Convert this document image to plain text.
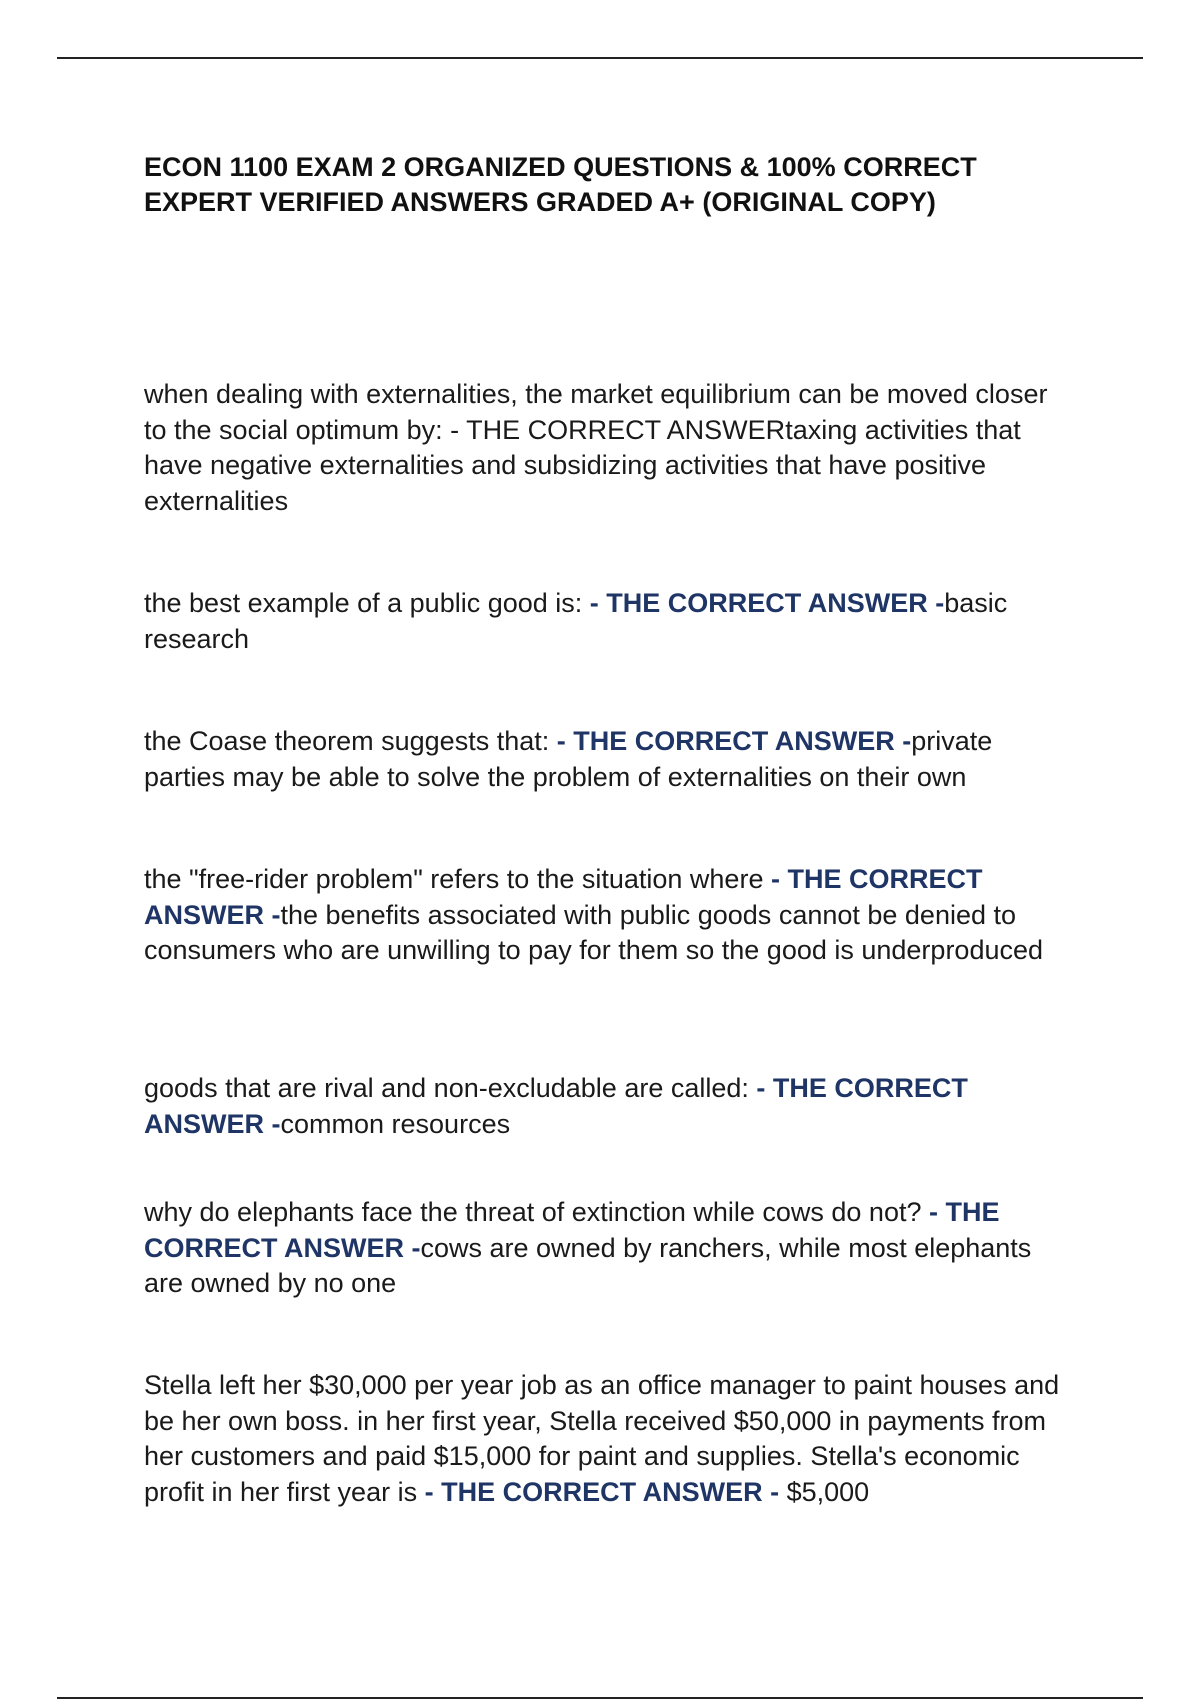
ECON 1100 EXAM 2 ORGANIZED QUESTIONS & 100% CORRECT EXPERT VERIFIED ANSWERS GRADED A+ (ORIGINAL COPY)

when dealing with externalities, the market equilibrium can be moved closer to the social optimum by: - THE CORRECT ANSWERtaxing activities that have negative externalities and subsidizing activities that have positive externalities

the best example of a public good is: - THE CORRECT ANSWER -basic research

the Coase theorem suggests that: - THE CORRECT ANSWER -private parties may be able to solve the problem of externalities on their own

the "free-rider problem" refers to the situation where - THE CORRECT ANSWER -the benefits associated with public goods cannot be denied to consumers who are unwilling to pay for them so the good is underproduced

goods that are rival and non-excludable are called: - THE CORRECT ANSWER -common resources

why do elephants face the threat of extinction while cows do not? - THE CORRECT ANSWER -cows are owned by ranchers, while most elephants are owned by no one

Stella left her $30,000 per year job as an office manager to paint houses and be her own boss. in her first year, Stella received $50,000 in payments from her customers and paid $15,000 for paint and supplies. Stella's economic profit in her first year is - THE CORRECT ANSWER - $5,000
